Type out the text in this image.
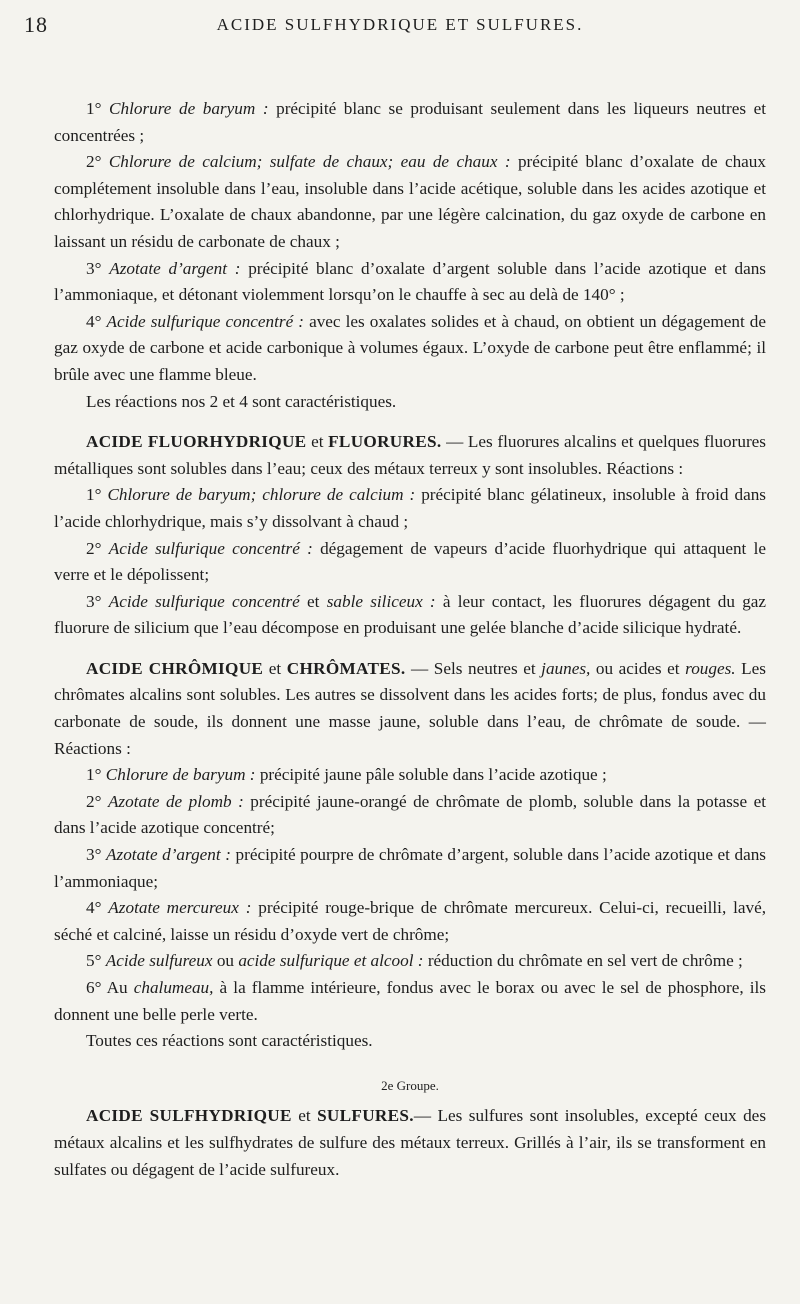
18	ACIDE SULFHYDRIQUE ET SULFURES.

1° Chlorure de baryum : précipité blanc se produisant seulement dans les liqueurs neutres et concentrées ;

2° Chlorure de calcium; sulfate de chaux; eau de chaux : précipité blanc d’oxalate de chaux complétement insoluble dans l’eau, insoluble dans l’acide acétique, soluble dans les acides azotique et chlorhydrique. L’oxalate de chaux abandonne, par une légère calcination, du gaz oxyde de carbone en laissant un résidu de carbonate de chaux ;

3° Azotate d’argent : précipité blanc d’oxalate d’argent soluble dans l’acide azotique et dans l’ammoniaque, et détonant violemment lorsqu’on le chauffe à sec au delà de 140° ;

4° Acide sulfurique concentré : avec les oxalates solides et à chaud, on obtient un dégagement de gaz oxyde de carbone et acide carbonique à volumes égaux. L’oxyde de carbone peut être enflammé; il brûle avec une flamme bleue.

Les réactions nos 2 et 4 sont caractéristiques.

ACIDE FLUORHYDRIQUE et FLUORURES. — Les fluorures alcalins et quelques fluorures métalliques sont solubles dans l’eau; ceux des métaux terreux y sont insolubles. Réactions :

1° Chlorure de baryum; chlorure de calcium : précipité blanc gélatineux, insoluble à froid dans l’acide chlorhydrique, mais s’y dissolvant à chaud ;

2° Acide sulfurique concentré : dégagement de vapeurs d’acide fluorhydrique qui attaquent le verre et le dépolissent;

3° Acide sulfurique concentré et sable siliceux : à leur contact, les fluorures dégagent du gaz fluorure de silicium que l’eau décompose en produisant une gelée blanche d’acide silicique hydraté.

ACIDE CHRÔMIQUE et CHRÔMATES. — Sels neutres et jaunes, ou acides et rouges. Les chrômates alcalins sont solubles. Les autres se dissolvent dans les acides forts; de plus, fondus avec du carbonate de soude, ils donnent une masse jaune, soluble dans l’eau, de chrômate de soude. — Réactions :

1° Chlorure de baryum : précipité jaune pâle soluble dans l’acide azotique ;

2° Azotate de plomb : précipité jaune-orangé de chrômate de plomb, soluble dans la potasse et dans l’acide azotique concentré;

3° Azotate d’argent : précipité pourpre de chrômate d’argent, soluble dans l’acide azotique et dans l’ammoniaque;

4° Azotate mercureux : précipité rouge-brique de chrômate mercureux. Celui-ci, recueilli, lavé, séché et calciné, laisse un résidu d’oxyde vert de chrôme;

5° Acide sulfureux ou acide sulfurique et alcool : réduction du chrômate en sel vert de chrôme ;

6° Au chalumeau, à la flamme intérieure, fondus avec le borax ou avec le sel de phosphore, ils donnent une belle perle verte.

Toutes ces réactions sont caractéristiques.

2e Groupe.

ACIDE SULFHYDRIQUE et SULFURES.— Les sulfures sont insolubles, excepté ceux des métaux alcalins et les sulfhydrates de sulfure des métaux terreux. Grillés à l’air, ils se transforment en sulfates ou dégagent de l’acide sulfureux.
